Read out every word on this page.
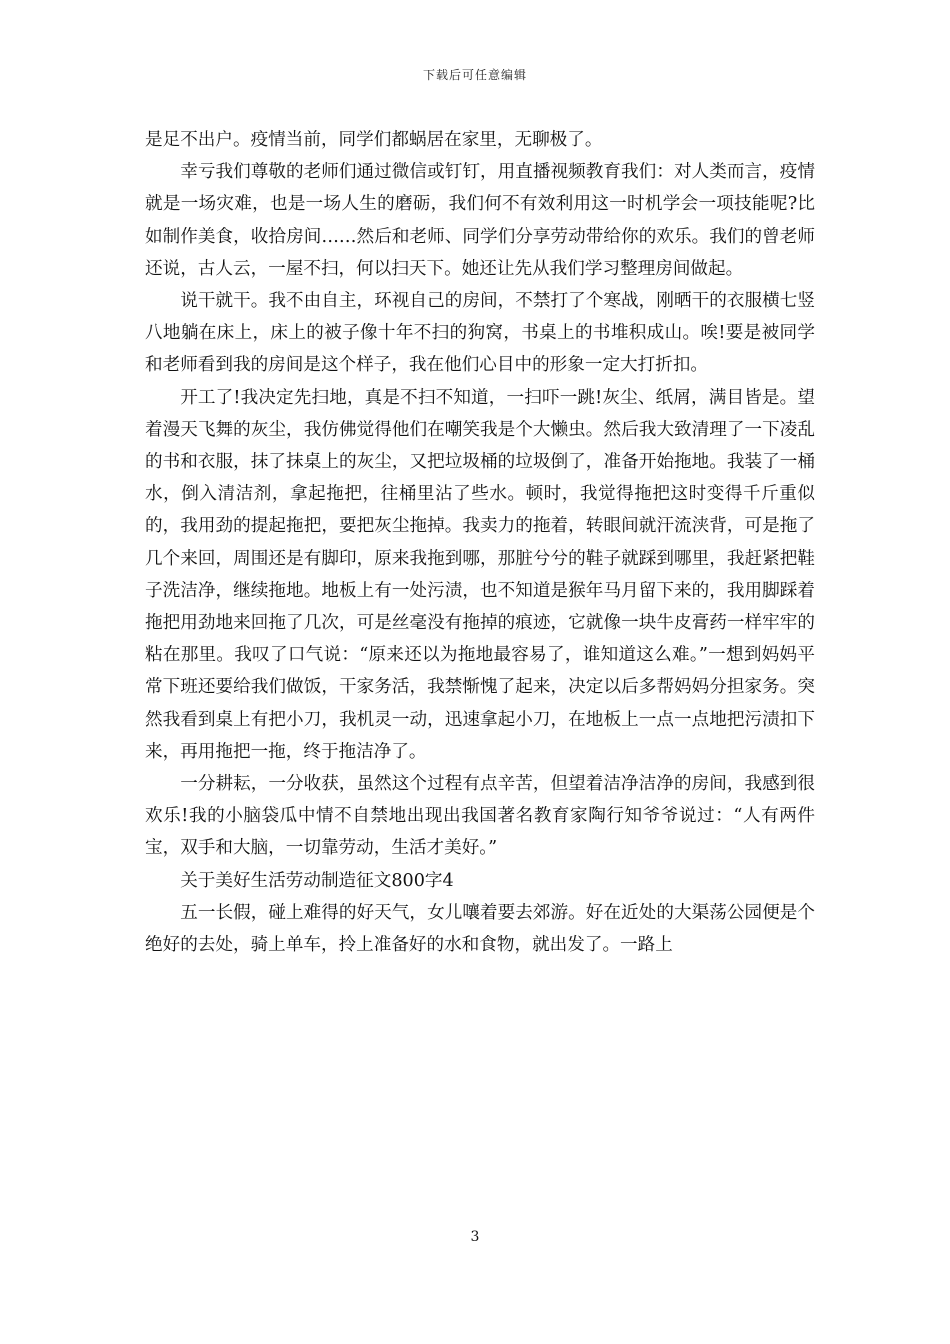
下载后可任意编辑

是足不出户。疫情当前，同学们都蜗居在家里，无聊极了。

幸亏我们尊敬的老师们通过微信或钉钉，用直播视频教育我们：对人类而言，疫情就是一场灾难，也是一场人生的磨砺，我们何不有效利用这一时机学会一项技能呢?比如制作美食，收拾房间……然后和老师、同学们分享劳动带给你的欢乐。我们的曾老师还说，古人云，一屋不扫，何以扫天下。她还让先从我们学习整理房间做起。

说干就干。我不由自主，环视自己的房间，不禁打了个寒战，刚晒干的衣服横七竖八地躺在床上，床上的被子像十年不扫的狗窝，书桌上的书堆积成山。唉!要是被同学和老师看到我的房间是这个样子，我在他们心目中的形象一定大打折扣。

开工了!我决定先扫地，真是不扫不知道，一扫吓一跳!灰尘、纸屑，满目皆是。望着漫天飞舞的灰尘，我仿佛觉得他们在嘲笑我是个大懒虫。然后我大致清理了一下凌乱的书和衣服，抹了抹桌上的灰尘，又把垃圾桶的垃圾倒了，准备开始拖地。我装了一桶水，倒入清洁剂，拿起拖把，往桶里沾了些水。顿时，我觉得拖把这时变得千斤重似的，我用劲的提起拖把，要把灰尘拖掉。我卖力的拖着，转眼间就汗流浃背，可是拖了几个来回，周围还是有脚印，原来我拖到哪，那脏兮兮的鞋子就踩到哪里，我赶紧把鞋子洗洁净，继续拖地。地板上有一处污渍，也不知道是猴年马月留下来的，我用脚踩着拖把用劲地来回拖了几次，可是丝毫没有拖掉的痕迹，它就像一块牛皮膏药一样牢牢的粘在那里。我叹了口气说：“原来还以为拖地最容易了，谁知道这么难。”一想到妈妈平常下班还要给我们做饭，干家务活，我禁惭愧了起来，决定以后多帮妈妈分担家务。突然我看到桌上有把小刀，我机灵一动，迅速拿起小刀，在地板上一点一点地把污渍扣下来，再用拖把一拖，终于拖洁净了。

一分耕耘，一分收获，虽然这个过程有点辛苦，但望着洁净洁净的房间，我感到很欢乐!我的小脑袋瓜中情不自禁地出现出我国著名教育家陶行知爷爷说过：“人有两件宝，双手和大脑，一切靠劳动，生活才美好。”

关于美好生活劳动制造征文800字4

五一长假，碰上难得的好天气，女儿嚷着要去郊游。好在近处的大渠荡公园便是个绝好的去处，骑上单车，拎上准备好的水和食物，就出发了。一路上

3
